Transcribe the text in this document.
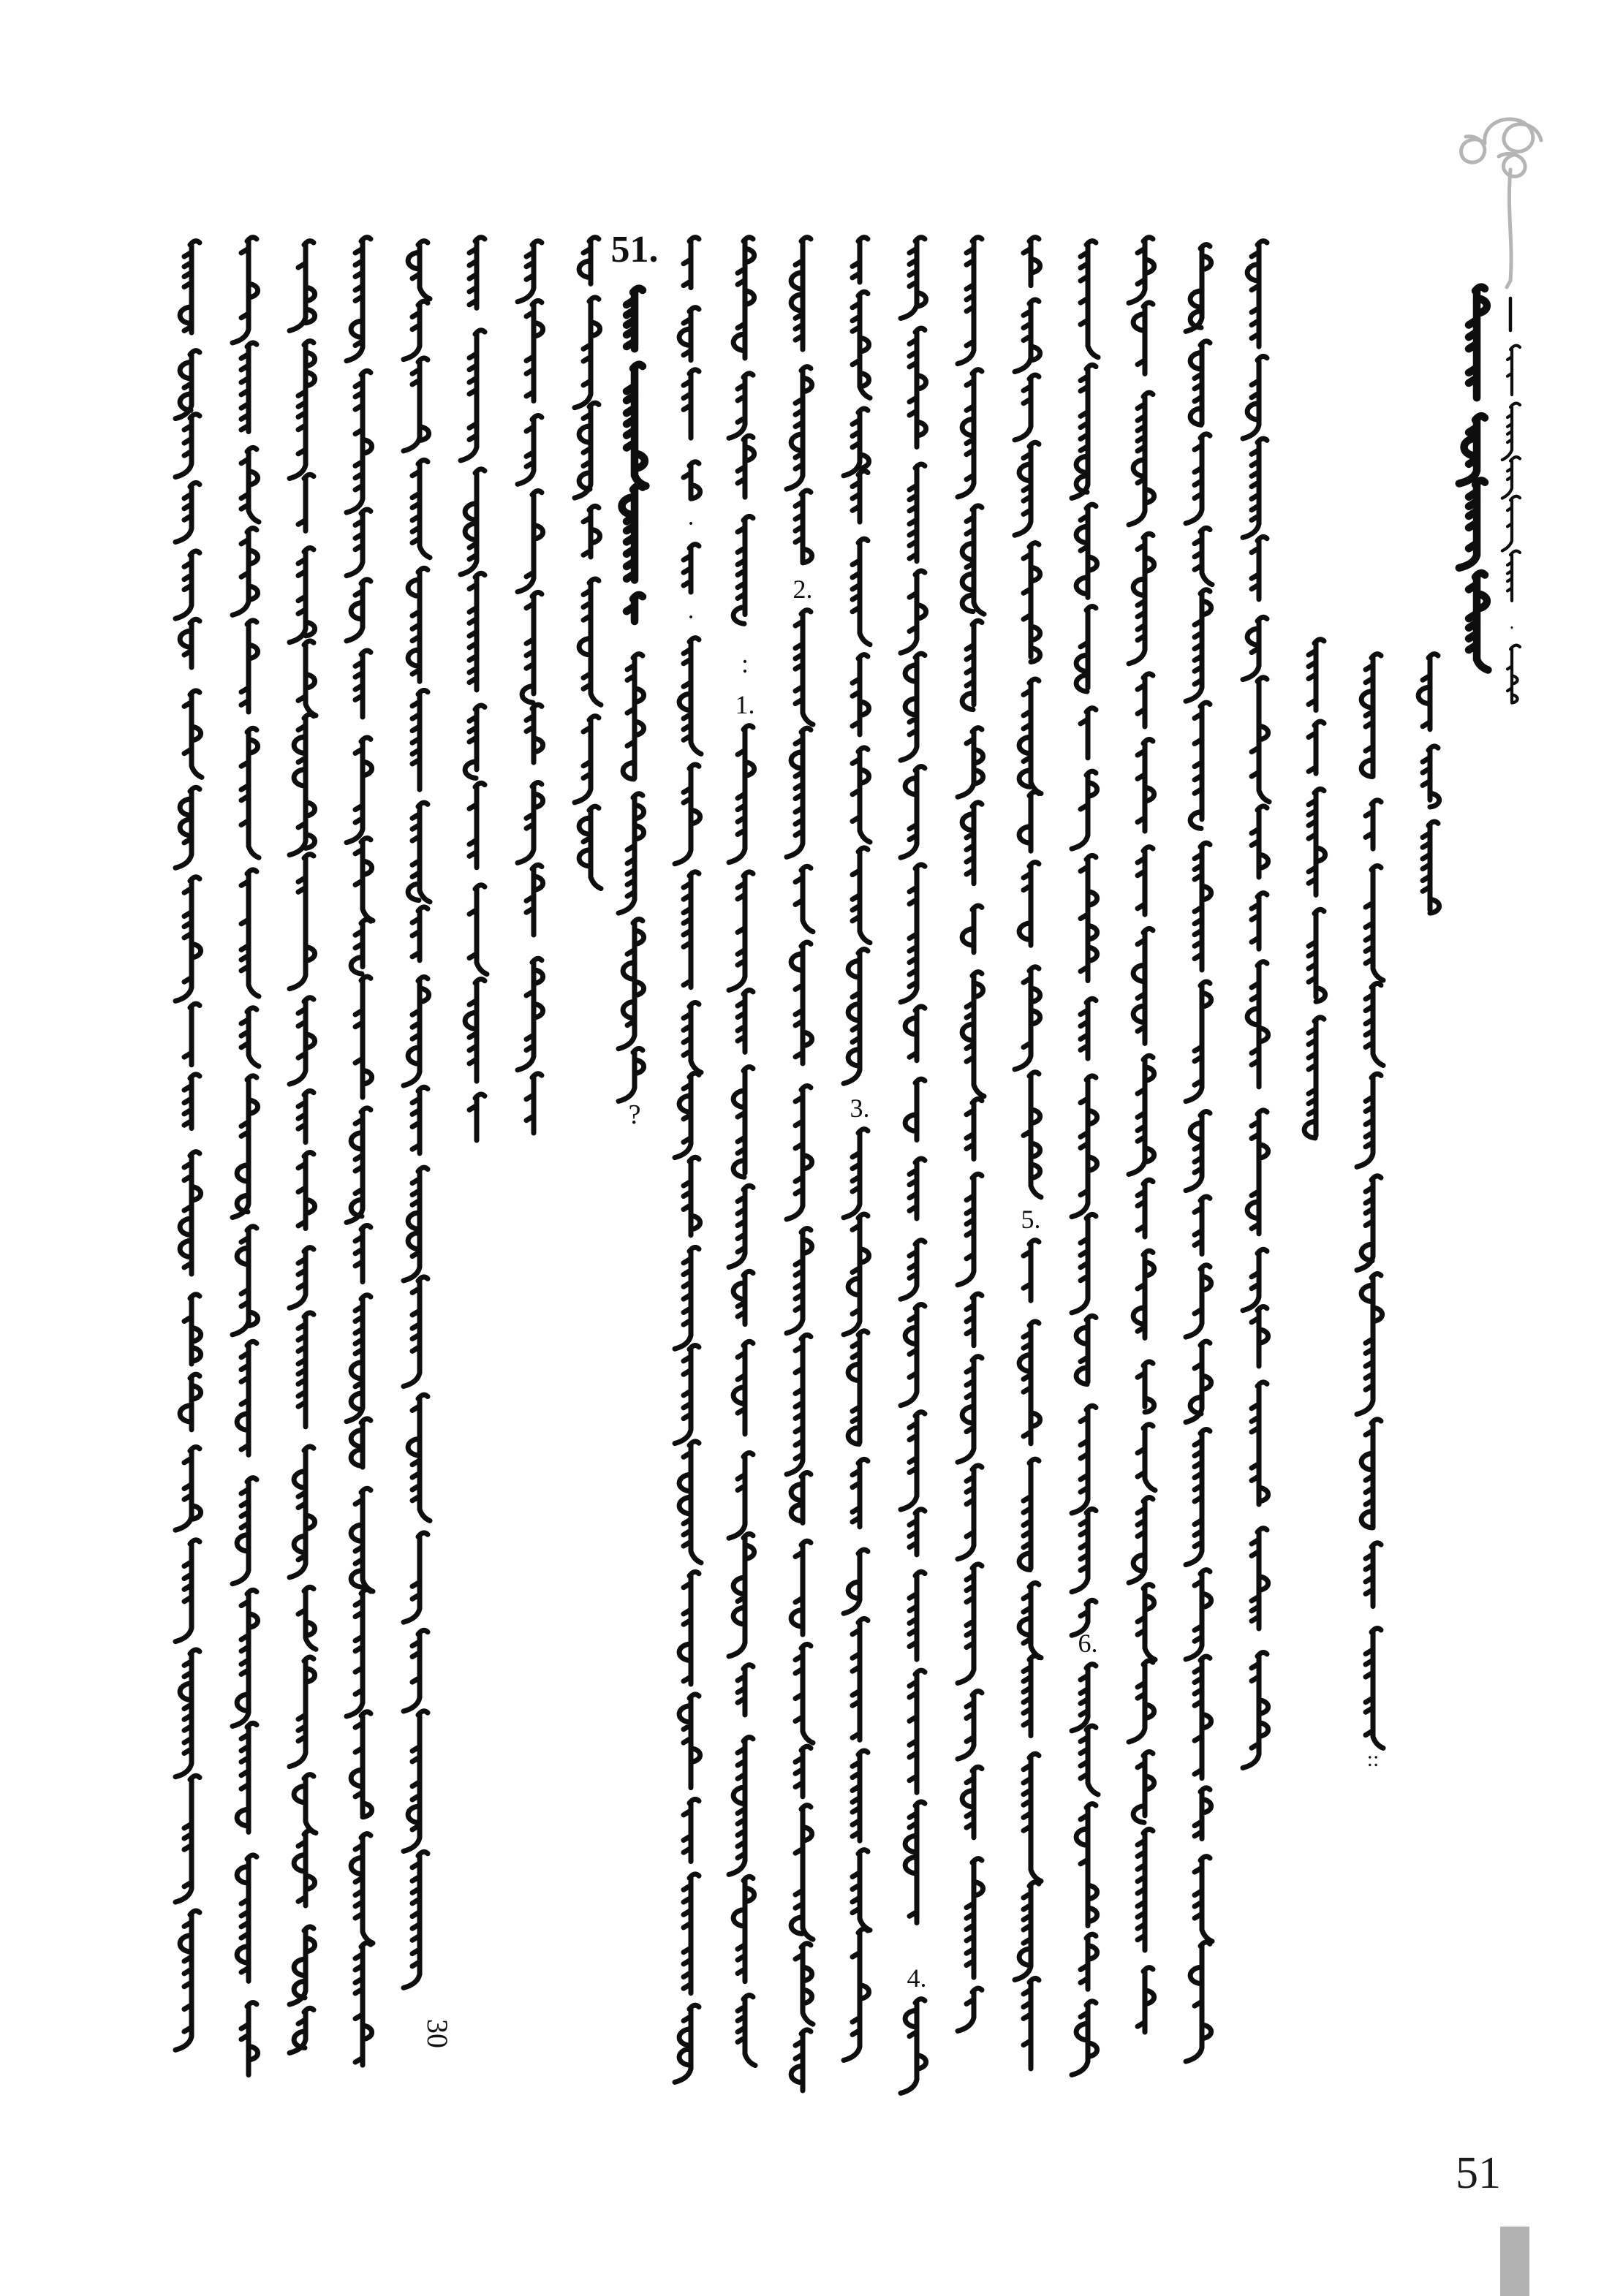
30
51.
?
·
·
:
1.
2.
3.
4.
5.
6.
::
·
51
